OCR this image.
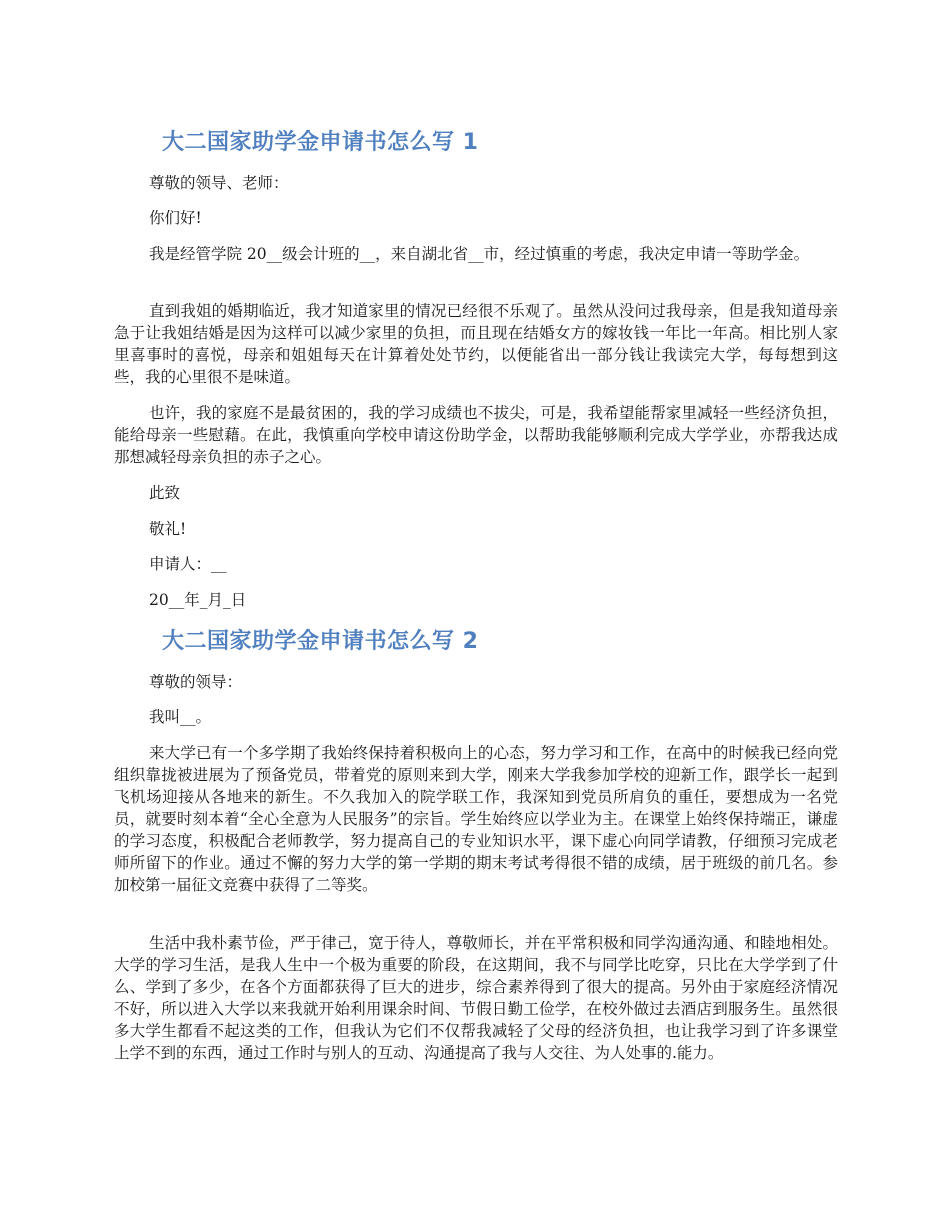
大二国家助学金申请书怎么写 1

尊敬的领导、老师：

你们好!

我是经管学院 20__级会计班的__，来自湖北省__市，经过慎重的考虑，我决定申请一等助学金。

直到我姐的婚期临近，我才知道家里的情况已经很不乐观了。虽然从没问过我母亲，但是我知道母亲急于让我姐结婚是因为这样可以减少家里的负担，而且现在结婚女方的嫁妆钱一年比一年高。相比别人家里喜事时的喜悦，母亲和姐姐每天在计算着处处节约，以便能省出一部分钱让我读完大学，每每想到这些，我的心里很不是味道。

也许，我的家庭不是最贫困的，我的学习成绩也不拔尖，可是，我希望能帮家里减轻一些经济负担，能给母亲一些慰藉。在此，我慎重向学校申请这份助学金，以帮助我能够顺利完成大学学业，亦帮我达成那想减轻母亲负担的赤子之心。

此致

敬礼!

申请人：__

20__年_月_日

大二国家助学金申请书怎么写 2

尊敬的领导：

我叫__。

来大学已有一个多学期了我始终保持着积极向上的心态，努力学习和工作，在高中的时候我已经向党组织靠拢被进展为了预备党员，带着党的原则来到大学，刚来大学我参加学校的迎新工作，跟学长一起到飞机场迎接从各地来的新生。不久我加入的院学联工作，我深知到党员所肩负的重任，要想成为一名党员，就要时刻本着“全心全意为人民服务”的宗旨。学生始终应以学业为主。在课堂上始终保持端正，谦虚的学习态度，积极配合老师教学，努力提高自己的专业知识水平，课下虚心向同学请教，仔细预习完成老师所留下的作业。通过不懈的努力大学的第一学期的期末考试考得很不错的成绩，居于班级的前几名。参加校第一届征文竞赛中获得了二等奖。

生活中我朴素节俭，严于律己，宽于待人，尊敬师长，并在平常积极和同学沟通沟通、和睦地相处。大学的学习生活，是我人生中一个极为重要的阶段，在这期间，我不与同学比吃穿，只比在大学学到了什么、学到了多少，在各个方面都获得了巨大的进步，综合素养得到了很大的提高。另外由于家庭经济情况不好，所以进入大学以来我就开始利用课余时间、节假日勤工俭学，在校外做过去酒店到服务生。虽然很多大学生都看不起这类的工作，但我认为它们不仅帮我减轻了父母的经济负担，也让我学习到了许多课堂上学不到的东西，通过工作时与别人的互动、沟通提高了我与人交往、为人处事的.能力。
